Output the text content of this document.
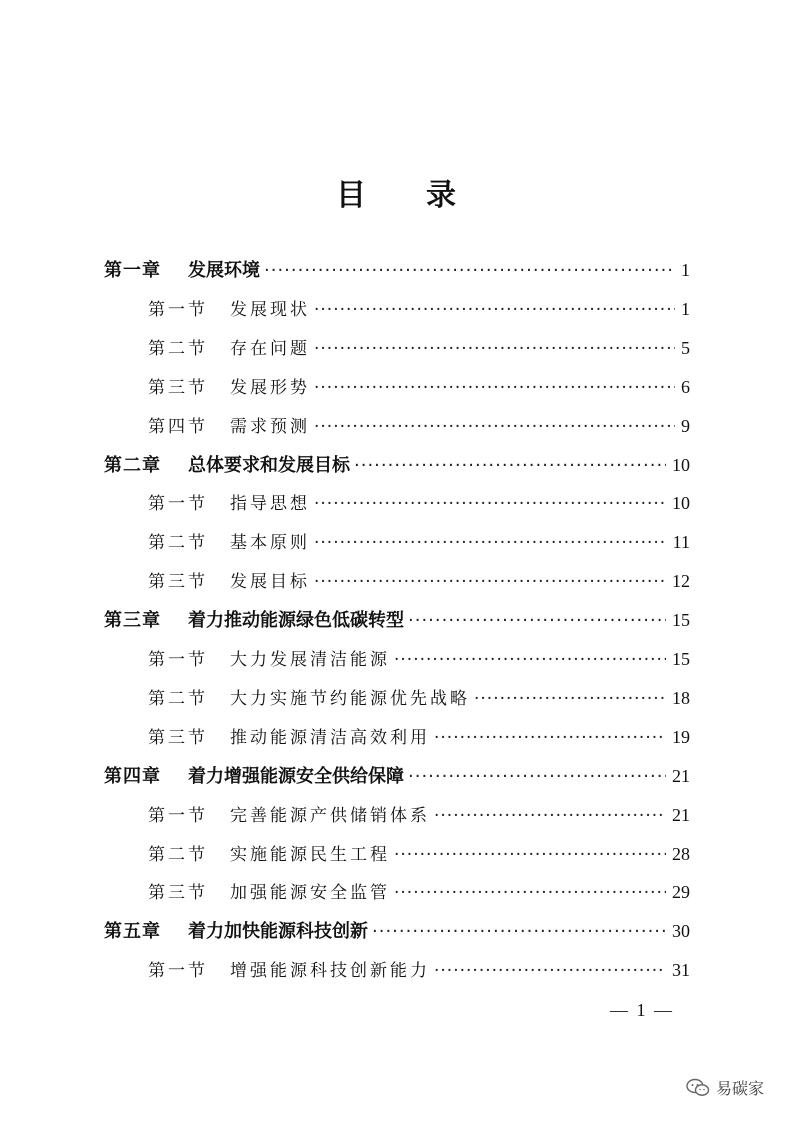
目 录
第一章 发展环境 ·····	1
第一节 发展现状 ·····	1
第二节 存在问题 ·····	5
第三节 发展形势 ·····	6
第四节 需求预测 ·····	9
第二章 总体要求和发展目标 ·····	10
第一节 指导思想 ·····	10
第二节 基本原则 ·····	11
第三节 发展目标 ·····	12
第三章 着力推动能源绿色低碳转型 ·····	15
第一节 大力发展清洁能源 ·····	15
第二节 大力实施节约能源优先战略 ·····	18
第三节 推动能源清洁高效利用 ·····	19
第四章 着力增强能源安全供给保障 ·····	21
第一节 完善能源产供储销体系 ·····	21
第二节 实施能源民生工程 ·····	28
第三节 加强能源安全监管 ·····	29
第五章 着力加快能源科技创新 ·····	30
第一节 增强能源科技创新能力 ·····	31
— 1 —
易碳家
